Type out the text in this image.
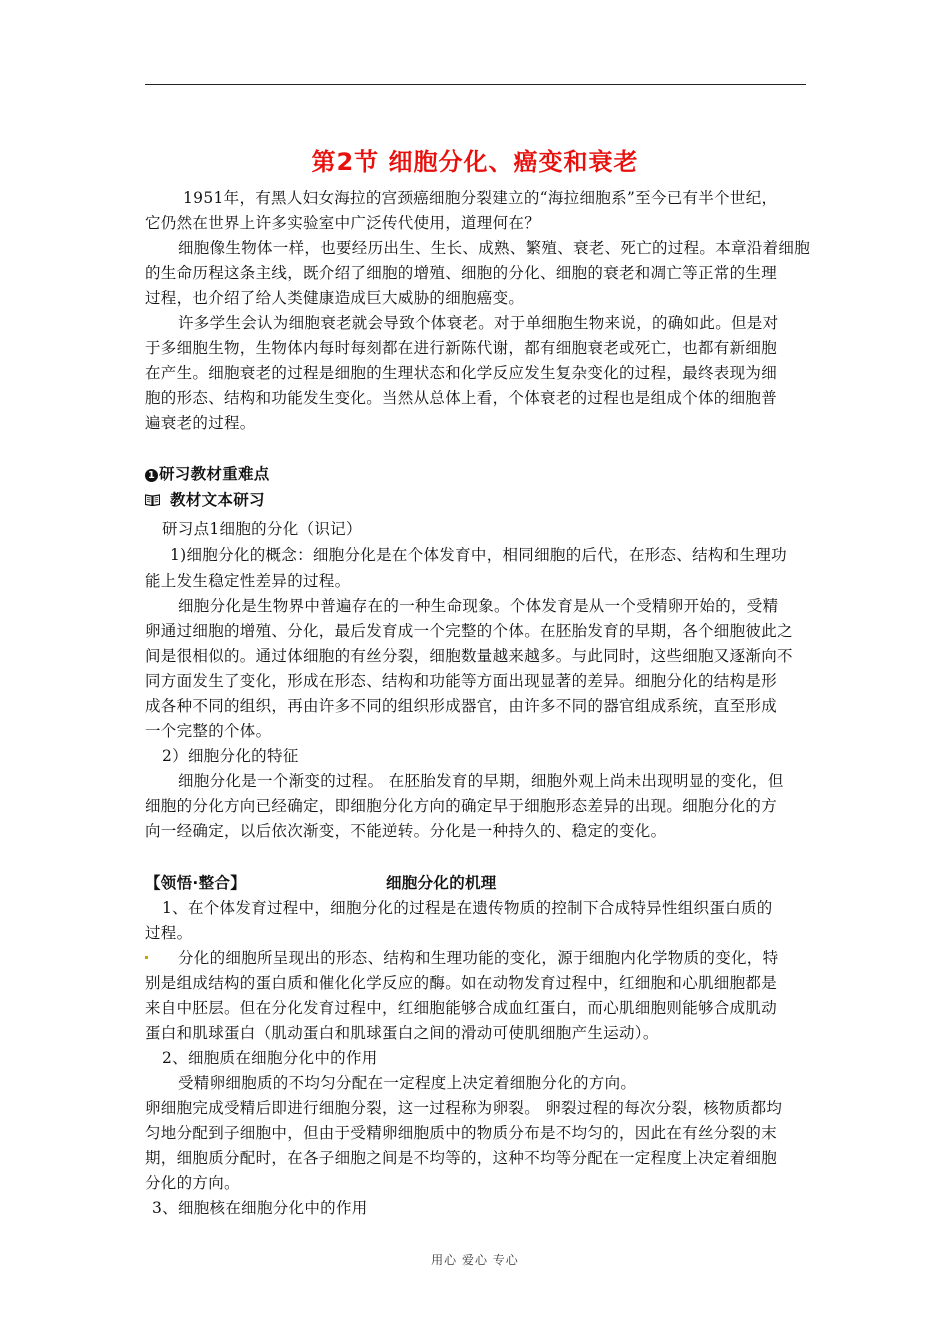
第2节 细胞分化、癌变和衰老
1951年，有黑人妇女海拉的宫颈癌细胞分裂建立的“海拉细胞系”至今已有半个世纪，
它仍然在世界上许多实验室中广泛传代使用，道理何在？
细胞像生物体一样，也要经历出生、生长、成熟、繁殖、衰老、死亡的过程。本章沿着细胞
的生命历程这条主线，既介绍了细胞的增殖、细胞的分化、细胞的衰老和凋亡等正常的生理
过程，也介绍了给人类健康造成巨大威胁的细胞癌变。
许多学生会认为细胞衰老就会导致个体衰老。对于单细胞生物来说，的确如此。但是对
于多细胞生物，生物体内每时每刻都在进行新陈代谢，都有细胞衰老或死亡，也都有新细胞
在产生。细胞衰老的过程是细胞的生理状态和化学反应发生复杂变化的过程，最终表现为细
胞的形态、结构和功能发生变化。当然从总体上看，个体衰老的过程也是组成个体的细胞普
遍衰老的过程。
1 研习教材重难点
教材文本研习
研习点1细胞的分化（识记）
1)细胞分化的概念：细胞分化是在个体发育中，相同细胞的后代，在形态、结构和生理功
能上发生稳定性差异的过程。
细胞分化是生物界中普遍存在的一种生命现象。个体发育是从一个受精卵开始的，受精
卵通过细胞的增殖、分化，最后发育成一个完整的个体。在胚胎发育的早期，各个细胞彼此之
间是很相似的。通过体细胞的有丝分裂，细胞数量越来越多。与此同时，这些细胞又逐渐向不
同方面发生了变化，形成在形态、结构和功能等方面出现显著的差异。细胞分化的结构是形
成各种不同的组织，再由许多不同的组织形成器官，由许多不同的器官组成系统，直至形成
一个完整的个体。
2）细胞分化的特征
细胞分化是一个渐变的过程。 在胚胎发育的早期，细胞外观上尚未出现明显的变化，但
细胞的分化方向已经确定，即细胞分化方向的确定早于细胞形态差异的出现。细胞分化的方
向一经确定，以后依次渐变，不能逆转。分化是一种持久的、稳定的变化。
【领悟·整合】	细胞分化的机理
1、在个体发育过程中，细胞分化的过程是在遗传物质的控制下合成特异性组织蛋白质的
过程。
分化的细胞所呈现出的形态、结构和生理功能的变化，源于细胞内化学物质的变化，特
别是组成结构的蛋白质和催化化学反应的酶。如在动物发育过程中，红细胞和心肌细胞都是
来自中胚层。但在分化发育过程中，红细胞能够合成血红蛋白，而心肌细胞则能够合成肌动
蛋白和肌球蛋白（肌动蛋白和肌球蛋白之间的滑动可使肌细胞产生运动）。
2、细胞质在细胞分化中的作用
受精卵细胞质的不均匀分配在一定程度上决定着细胞分化的方向。
卵细胞完成受精后即进行细胞分裂，这一过程称为卵裂。 卵裂过程的每次分裂，核物质都均
匀地分配到子细胞中，但由于受精卵细胞质中的物质分布是不均匀的，因此在有丝分裂的末
期，细胞质分配时，在各子细胞之间是不均等的，这种不均等分配在一定程度上决定着细胞
分化的方向。
3、细胞核在细胞分化中的作用
用心 爱心 专心
